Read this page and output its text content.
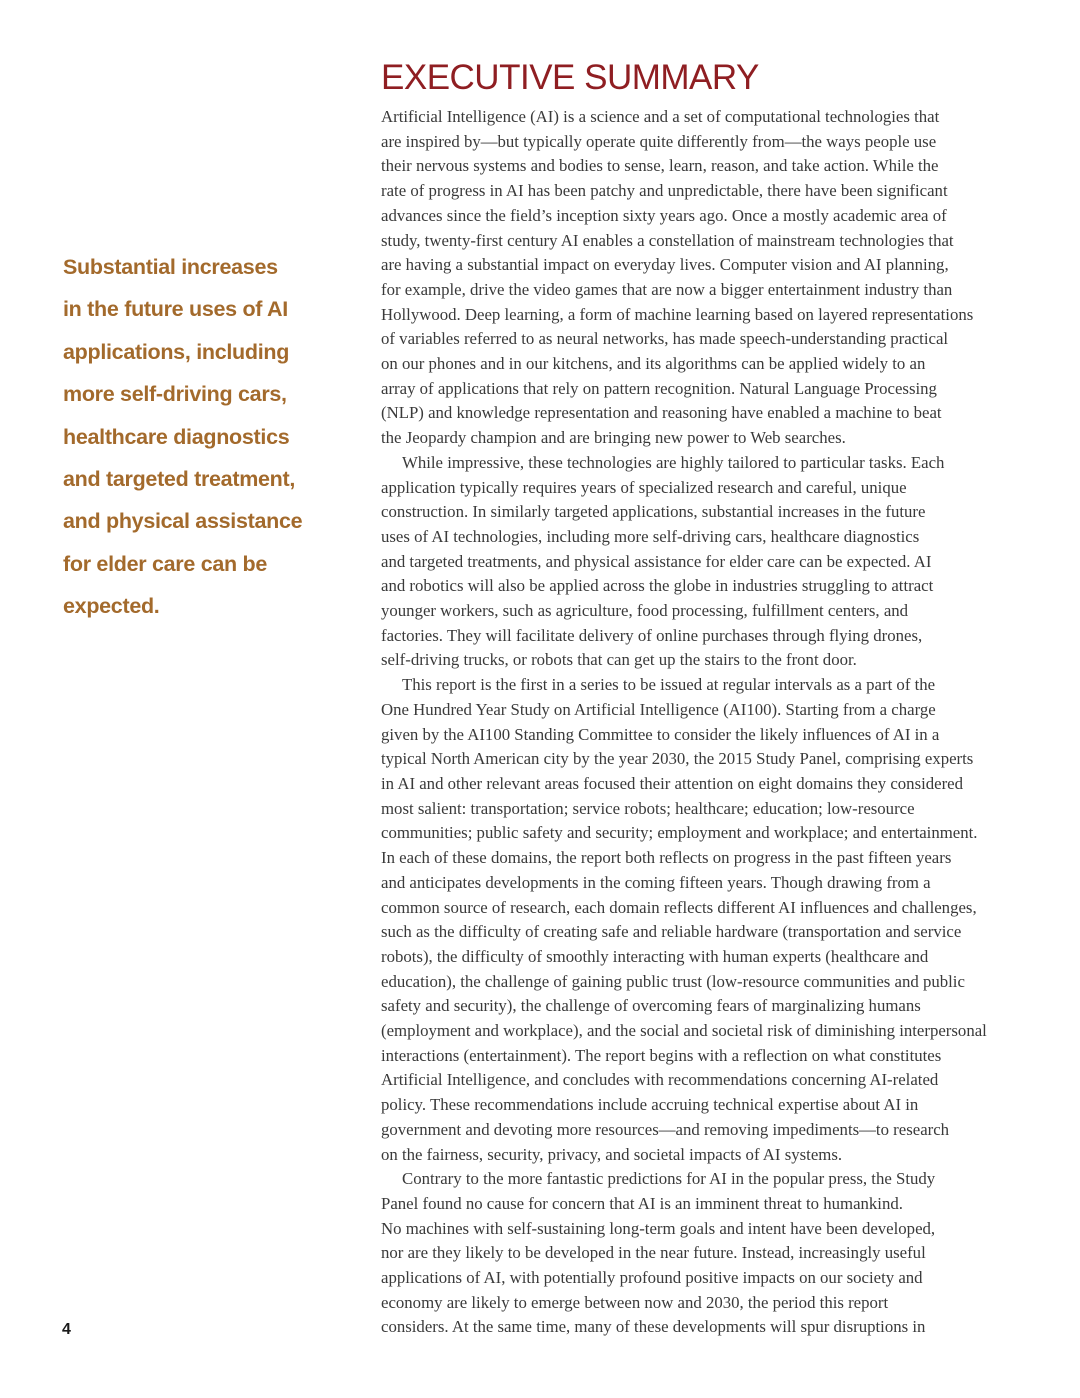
EXECUTIVE SUMMARY
Substantial increases
in the future uses of AI
applications, including
more self-driving cars,
healthcare diagnostics
and targeted treatment,
and physical assistance
for elder care can be
expected.

Artificial Intelligence (AI) is a science and a set of computational technologies that

are inspired by—but typically operate quite differently from—the ways people use

their nervous systems and bodies to sense, learn, reason, and take action. While the

rate of progress in AI has been patchy and unpredictable, there have been significant

advances since the field’s inception sixty years ago. Once a mostly academic area of

study, twenty-first century AI enables a constellation of mainstream technologies that

are having a substantial impact on everyday lives. Computer vision and AI planning,

for example, drive the video games that are now a bigger entertainment industry than

Hollywood. Deep learning, a form of machine learning based on layered representations

of variables referred to as neural networks, has made speech-understanding practical

on our phones and in our kitchens, and its algorithms can be applied widely to an

array of applications that rely on pattern recognition. Natural Language Processing

(NLP) and knowledge representation and reasoning have enabled a machine to beat

the Jeopardy champion and are bringing new power to Web searches.

While impressive, these technologies are highly tailored to particular tasks. Each

application typically requires years of specialized research and careful, unique

construction. In similarly targeted applications, substantial increases in the future

uses of AI technologies, including more self-driving cars, healthcare diagnostics

and targeted treatments, and physical assistance for elder care can be expected. AI

and robotics will also be applied across the globe in industries struggling to attract

younger workers, such as agriculture, food processing, fulfillment centers, and

factories. They will facilitate delivery of online purchases through flying drones,

self-driving trucks, or robots that can get up the stairs to the front door.

This report is the first in a series to be issued at regular intervals as a part of the

One Hundred Year Study on Artificial Intelligence (AI100). Starting from a charge

given by the AI100 Standing Committee to consider the likely influences of AI in a

typical North American city by the year 2030, the 2015 Study Panel, comprising experts

in AI and other relevant areas focused their attention on eight domains they considered

most salient: transportation; service robots; healthcare; education; low-resource

communities; public safety and security; employment and workplace; and entertainment.

In each of these domains, the report both reflects on progress in the past fifteen years

and anticipates developments in the coming fifteen years. Though drawing from a

common source of research, each domain reflects different AI influences and challenges,

such as the difficulty of creating safe and reliable hardware (transportation and service

robots), the difficulty of smoothly interacting with human experts (healthcare and

education), the challenge of gaining public trust (low-resource communities and public

safety and security), the challenge of overcoming fears of marginalizing humans

(employment and workplace), and the social and societal risk of diminishing interpersonal

interactions (entertainment). The report begins with a reflection on what constitutes

Artificial Intelligence, and concludes with recommendations concerning AI-related

policy. These recommendations include accruing technical expertise about AI in

government and devoting more resources—and removing impediments—to research

on the fairness, security, privacy, and societal impacts of AI systems.

Contrary to the more fantastic predictions for AI in the popular press, the Study

Panel found no cause for concern that AI is an imminent threat to humankind.

No machines with self-sustaining long-term goals and intent have been developed,

nor are they likely to be developed in the near future. Instead, increasingly useful

applications of AI, with potentially profound positive impacts on our society and

economy are likely to emerge between now and 2030, the period this report

considers. At the same time, many of these developments will spur disruptions in

4
